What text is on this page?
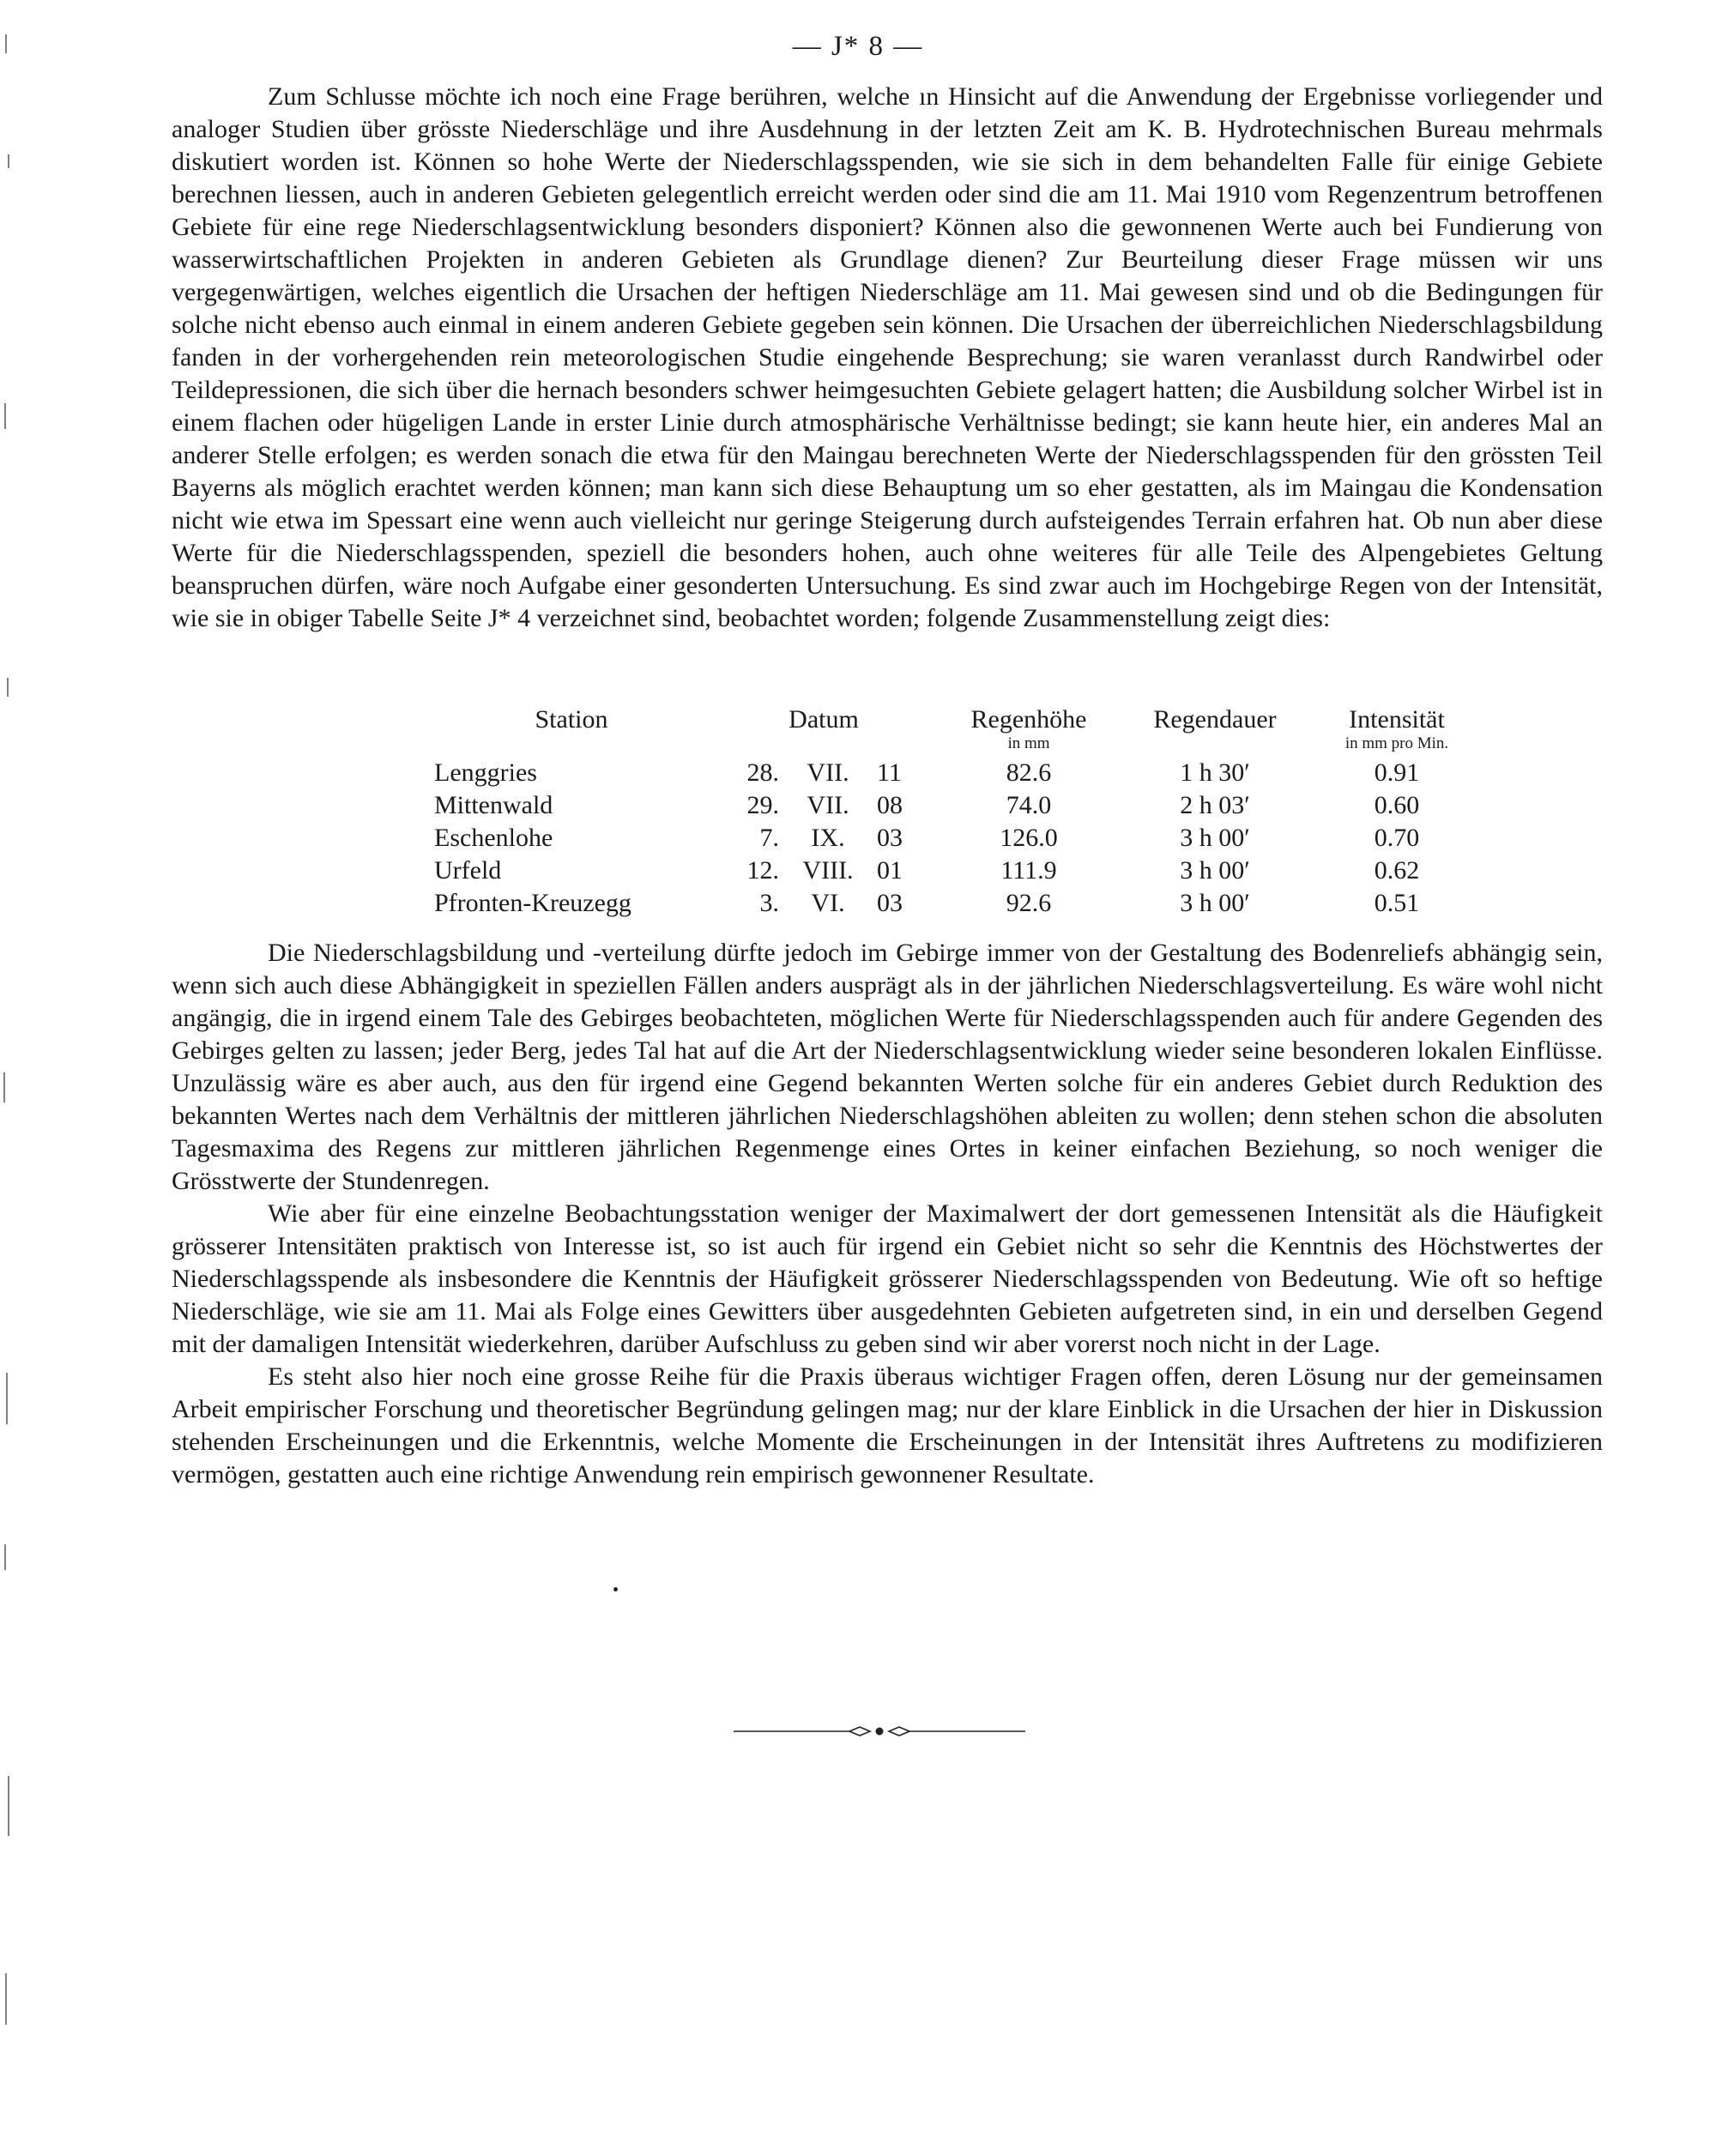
— J* 8 —

Zum Schlusse möchte ich noch eine Frage berühren, welche ın Hinsicht auf die Anwendung der Ergebnisse vorliegender und analoger Studien über grösste Niederschläge und ihre Ausdehnung in der letzten Zeit am K. B. Hydrotechnischen Bureau mehrmals diskutiert worden ist. Können so hohe Werte der Niederschlagsspenden, wie sie sich in dem behandelten Falle für einige Gebiete berechnen liessen, auch in anderen Gebieten gelegentlich erreicht werden oder sind die am 11. Mai 1910 vom Regenzentrum betroffenen Gebiete für eine rege Niederschlagsentwicklung besonders disponiert? Können also die gewonnenen Werte auch bei Fundierung von wasserwirtschaftlichen Projekten in anderen Gebieten als Grundlage dienen? Zur Beurteilung dieser Frage müssen wir uns vergegenwärtigen, welches eigentlich die Ursachen der heftigen Niederschläge am 11. Mai gewesen sind und ob die Bedingungen für solche nicht ebenso auch einmal in einem anderen Gebiete gegeben sein können. Die Ursachen der überreichlichen Niederschlagsbildung fanden in der vorhergehenden rein meteorologischen Studie eingehende Besprechung; sie waren veranlasst durch Randwirbel oder Teildepressionen, die sich über die hernach besonders schwer heimgesuchten Gebiete gelagert hatten; die Ausbildung solcher Wirbel ist in einem flachen oder hügeligen Lande in erster Linie durch atmosphärische Verhältnisse bedingt; sie kann heute hier, ein anderes Mal an anderer Stelle erfolgen; es werden sonach die etwa für den Maingau berechneten Werte der Niederschlagsspenden für den grössten Teil Bayerns als möglich erachtet werden können; man kann sich diese Behauptung um so eher gestatten, als im Maingau die Kondensation nicht wie etwa im Spessart eine wenn auch vielleicht nur geringe Steigerung durch aufsteigendes Terrain erfahren hat. Ob nun aber diese Werte für die Niederschlagsspenden, speziell die besonders hohen, auch ohne weiteres für alle Teile des Alpengebietes Geltung beanspruchen dürfen, wäre noch Aufgabe einer gesonderten Untersuchung. Es sind zwar auch im Hochgebirge Regen von der Intensität, wie sie in obiger Tabelle Seite J* 4 verzeichnet sind, beobachtet worden; folgende Zusammenstellung zeigt dies:

Station	Datum			Regenhöhe	Regendauer	Intensität
				in mm		in mm pro Min.
Lenggries	28.	VII.	11	82.6	1 h 30′	0.91
Mittenwald	29.	VII.	08	74.0	2 h 03′	0.60
Eschenlohe	7.	IX.	03	126.0	3 h 00′	0.70
Urfeld	12.	VIII.	01	111.9	3 h 00′	0.62
Pfronten-Kreuzegg	3.	VI.	03	92.6	3 h 00′	0.51

Die Niederschlagsbildung und -verteilung dürfte jedoch im Gebirge immer von der Gestaltung des Bodenreliefs abhängig sein, wenn sich auch diese Abhängigkeit in speziellen Fällen anders ausprägt als in der jährlichen Niederschlagsverteilung. Es wäre wohl nicht angängig, die in irgend einem Tale des Gebirges beobachteten, möglichen Werte für Niederschlagsspenden auch für andere Gegenden des Gebirges gelten zu lassen; jeder Berg, jedes Tal hat auf die Art der Niederschlagsentwicklung wieder seine besonderen lokalen Einflüsse. Unzulässig wäre es aber auch, aus den für irgend eine Gegend bekannten Werten solche für ein anderes Gebiet durch Reduktion des bekannten Wertes nach dem Verhältnis der mittleren jährlichen Niederschlagshöhen ableiten zu wollen; denn stehen schon die absoluten Tagesmaxima des Regens zur mittleren jährlichen Regenmenge eines Ortes in keiner einfachen Beziehung, so noch weniger die Grösstwerte der Stundenregen.

Wie aber für eine einzelne Beobachtungsstation weniger der Maximalwert der dort gemessenen Intensität als die Häufigkeit grösserer Intensitäten praktisch von Interesse ist, so ist auch für irgend ein Gebiet nicht so sehr die Kenntnis des Höchstwertes der Niederschlagsspende als insbesondere die Kenntnis der Häufigkeit grösserer Niederschlagsspenden von Bedeutung. Wie oft so heftige Niederschläge, wie sie am 11. Mai als Folge eines Gewitters über ausgedehnten Gebieten aufgetreten sind, in ein und derselben Gegend mit der damaligen Intensität wiederkehren, darüber Aufschluss zu geben sind wir aber vorerst noch nicht in der Lage.

Es steht also hier noch eine grosse Reihe für die Praxis überaus wichtiger Fragen offen, deren Lösung nur der gemeinsamen Arbeit empirischer Forschung und theoretischer Begründung gelingen mag; nur der klare Einblick in die Ursachen der hier in Diskussion stehenden Erscheinungen und die Erkenntnis, welche Momente die Erscheinungen in der Intensität ihres Auftretens zu modifizieren vermögen, gestatten auch eine richtige Anwendung rein empirisch gewonnener Resultate.
